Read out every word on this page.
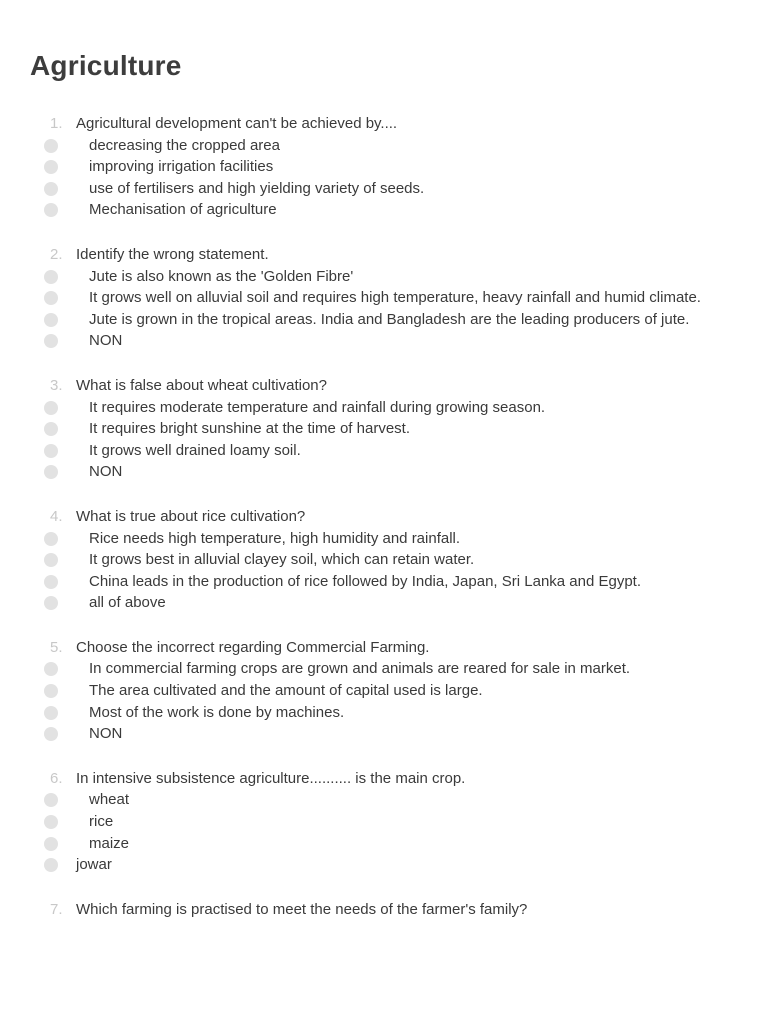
Agriculture
1. Agricultural development can't be achieved by....
decreasing the cropped area
improving irrigation facilities
use of fertilisers and high yielding variety of seeds.
Mechanisation of agriculture
2. Identify the wrong statement.
Jute is also known as the 'Golden Fibre'
It grows well on alluvial soil and requires high temperature, heavy rainfall and humid climate.
Jute is grown in the tropical areas. India and Bangladesh are the leading producers of jute.
NON
3. What is false about wheat cultivation?
It requires moderate temperature and rainfall during growing season.
It requires bright sunshine at the time of harvest.
It grows well drained loamy soil.
NON
4. What is true about rice cultivation?
Rice needs high temperature, high humidity and rainfall.
It grows best in alluvial clayey soil, which can retain water.
China leads in the production of rice followed by India, Japan, Sri Lanka and Egypt.
all of above
5. Choose the incorrect regarding Commercial Farming.
In commercial farming crops are grown and animals are reared for sale in market.
The area cultivated and the amount of capital used is large.
Most of the work is done by machines.
NON
6. In intensive subsistence agriculture.......... is the main crop.
wheat
rice
maize
jowar
7. Which farming is practised to meet the needs of the farmer's family?
